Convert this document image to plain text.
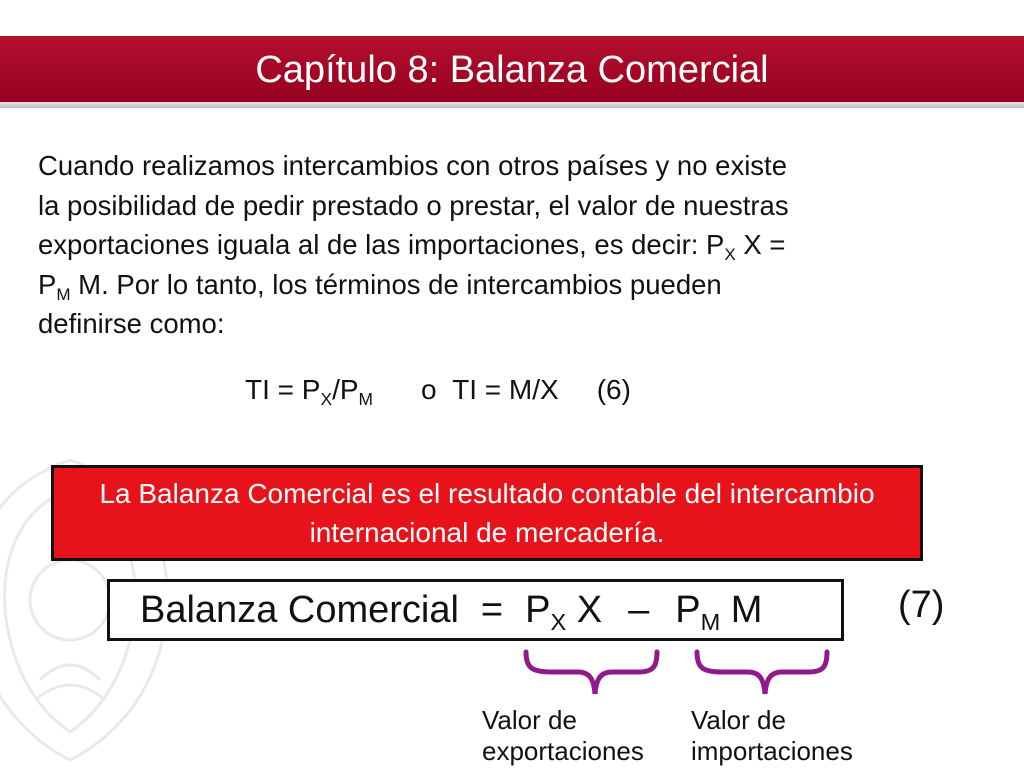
Capítulo 8: Balanza Comercial

Cuando realizamos intercambios con otros países y no existe
la posibilidad de pedir prestado o prestar, el valor de nuestras
exportaciones iguala al de las importaciones, es decir: $P_X$ X =
$P_M$ M. Por lo tanto, los términos de intercambios pueden
definirse como:

TI = $P_X/P_M$ o TI = M/X (6)
La Balanza Comercial es el resultado contable del intercambio internacional de mercadería.
Balanza Comercial = $P_X$ X – $P_M$ M	(7)
Valor de
exportaciones
Valor de
importaciones
